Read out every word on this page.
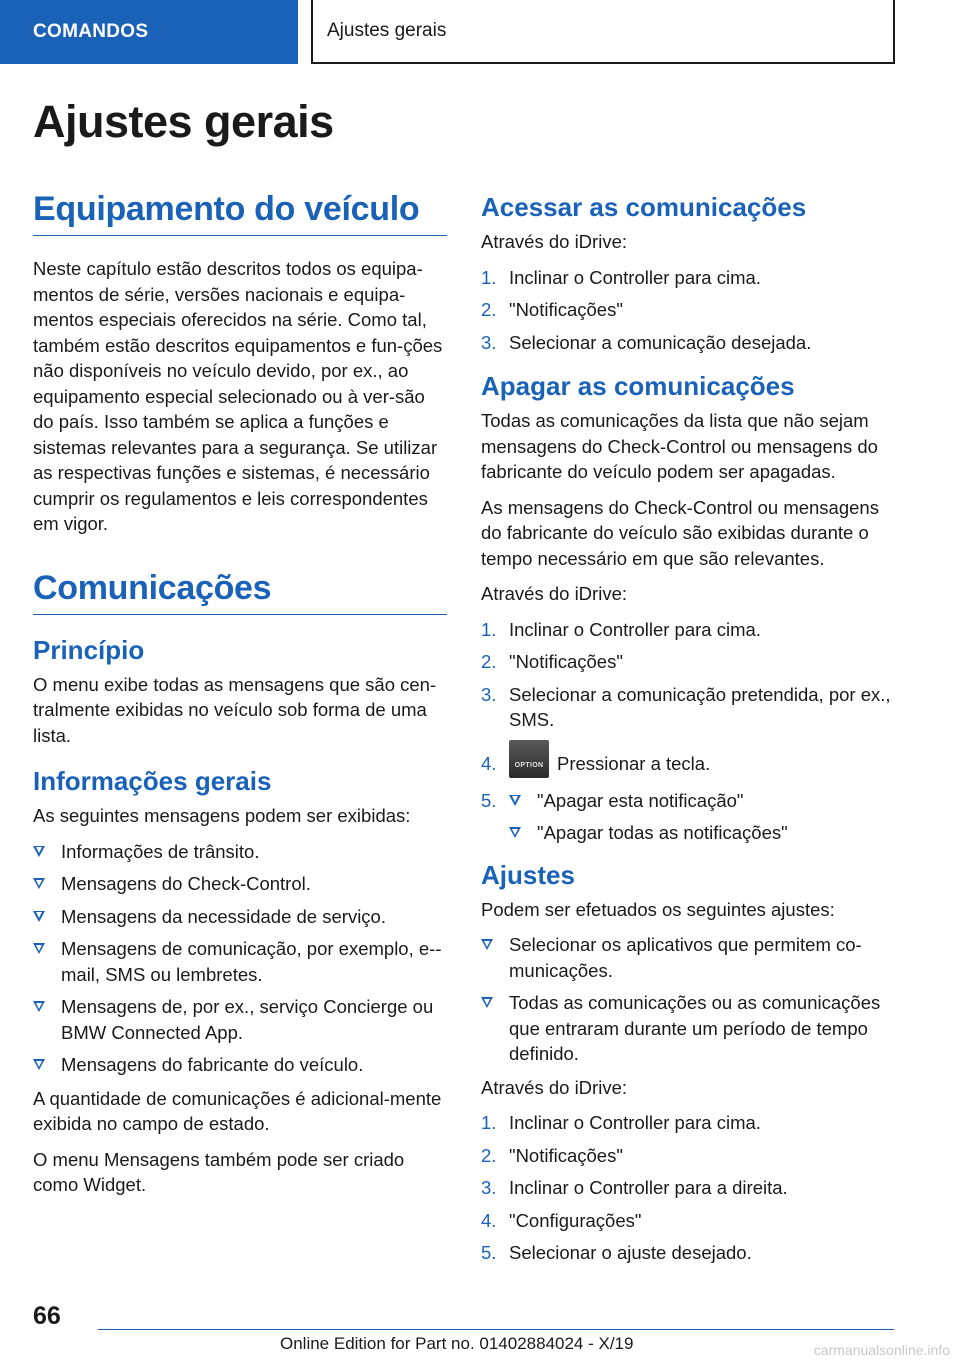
COMANDOS	Ajustes gerais
Ajustes gerais
Equipamento do veículo

Neste capítulo estão descritos todos os equipa-mentos de série, versões nacionais e equipa-mentos especiais oferecidos na série. Como tal, também estão descritos equipamentos e fun-ções não disponíveis no veículo devido, por ex., ao equipamento especial selecionado ou à ver-são do país. Isso também se aplica a funções e sistemas relevantes para a segurança. Se utilizar as respectivas funções e sistemas, é necessário cumprir os regulamentos e leis correspondentes em vigor.

Comunicações
Princípio

O menu exibe todas as mensagens que são cen-tralmente exibidas no veículo sob forma de uma lista.

Informações gerais

As seguintes mensagens podem ser exibidas:

Informações de trânsito.
Mensagens do Check-Control.
Mensagens da necessidade de serviço.
Mensagens de comunicação, por exemplo, e--mail, SMS ou lembretes.
Mensagens de, por ex., serviço Concierge ou BMW Connected App.
Mensagens do fabricante do veículo.

A quantidade de comunicações é adicional-mente exibida no campo de estado.

O menu Mensagens também pode ser criado como Widget.

Acessar as comunicações

Através do iDrive:

1. Inclinar o Controller para cima.
2. "Notificações"
3. Selecionar a comunicação desejada.
Apagar as comunicações

Todas as comunicações da lista que não sejam mensagens do Check-Control ou mensagens do fabricante do veículo podem ser apagadas.

As mensagens do Check-Control ou mensagens do fabricante do veículo são exibidas durante o tempo necessário em que são relevantes.

Através do iDrive:

1. Inclinar o Controller para cima.
2. "Notificações"
3. Selecionar a comunicação pretendida, por ex., SMS.
4.	OPTION Pressionar a tecla.
5.	"Apagar esta notificação"
"Apagar todas as notificações"
Ajustes

Podem ser efetuados os seguintes ajustes:

Selecionar os aplicativos que permitem co-municações.
Todas as comunicações ou as comunicações que entraram durante um período de tempo definido.

Através do iDrive:

1. Inclinar o Controller para cima.
2. "Notificações"
3. Inclinar o Controller para a direita.
4. "Configurações"
5. Selecionar o ajuste desejado.
66
Online Edition for Part no. 01402884024 - X/19	carmanualsonline.info
